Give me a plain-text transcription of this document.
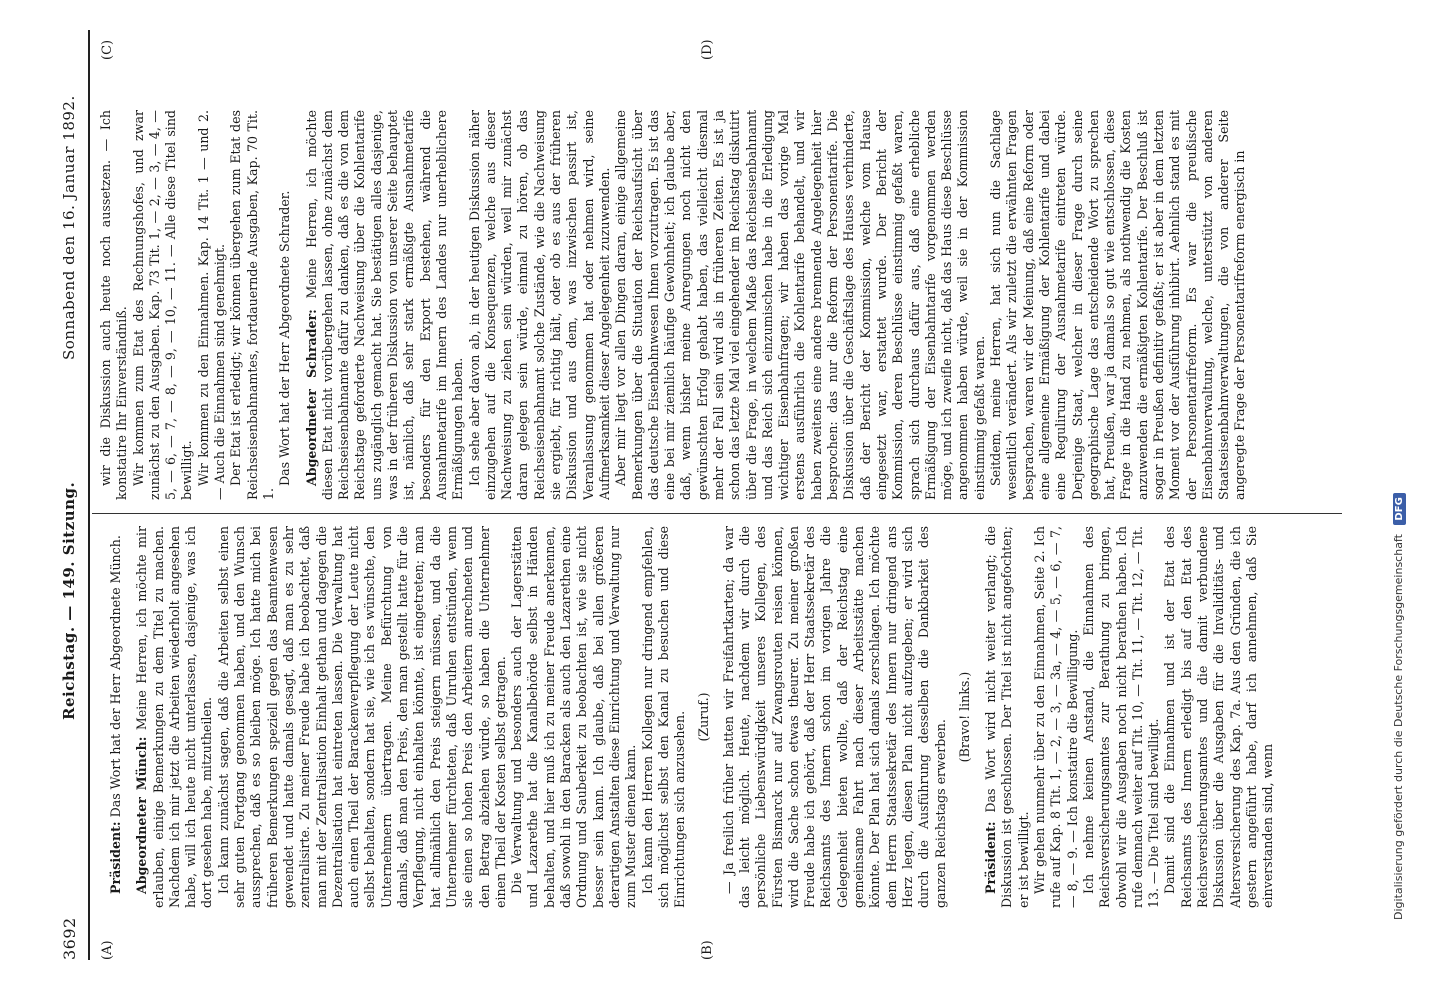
3692
Reichstag. — 149. Sitzung.
Sonnabend den 16. Januar 1892.
(A)	(B)
(C)	(D)

Präsident: Das Wort hat der Herr Abgeordnete Münch. Abgeordneter Münch: Meine Herren, ich möchte mir erlauben, einige Bemerkungen zu dem Titel zu machen. Nachdem ich mir jetzt die Arbeiten wiederholt angesehen habe, will ich heute nicht unterlassen, dasjenige, was ich dort gesehen habe, mitzutheilen. Ich kann zunächst sagen, daß die Arbeiten selbst einen sehr guten Fortgang genommen haben, und den Wunsch aussprechen, daß es so bleiben möge. Ich hatte mich bei früheren Bemerkungen speziell gegen das Beamtenwesen gewendet und hatte damals gesagt, daß man es zu sehr zentralisirte. Zu meiner Freude habe ich beobachtet, daß man mit der Zentralisation Einhalt gethan und dagegen die Dezentralisation hat eintreten lassen. Die Verwaltung hat auch einen Theil der Barackenverpflegung der Leute nicht selbst behalten, sondern hat sie, wie ich es wünschte, den Unternehmern übertragen. Meine Befürchtung von damals, daß man den Preis, den man gestellt hatte für die Verpflegung, nicht einhalten könnte, ist eingetreten; man hat allmählich den Preis steigern müssen, und da die Unternehmer fürchteten, daß Unruhen entstünden, wenn sie einen so hohen Preis den Arbeitern anrechneten und den Betrag abziehen würde, so haben die Unternehmer einen Theil der Kosten selbst getragen. Die Verwaltung und besonders auch der Lagerstätten und Lazarethe hat die Kanalbehörde selbst in Händen behalten, und hier muß ich zu meiner Freude anerkennen, daß sowohl in den Baracken als auch den Lazarethen eine Ordnung und Sauberkeit zu beobachten ist, wie sie nicht besser sein kann. Ich glaube, daß bei allen größeren derartigen Anstalten diese Einrichtung und Verwaltung nur zum Muster dienen kann. Ich kann den Herren Kollegen nur dringend empfehlen, sich möglichst selbst den Kanal zu besuchen und diese Einrichtungen sich anzusehen. (Zuruf.) — Ja freilich früher hatten wir Freifahrtkarten; da war das leicht möglich. Heute, nachdem wir durch die persönliche Liebenswürdigkeit unseres Kollegen, des Fürsten Bismarck nur auf Zwangsrouten reisen können, wird die Sache schon etwas theurer. Zu meiner großen Freude habe ich gehört, daß der Herr Staatssekretär des Reichsamts des Innern schon im vorigen Jahre die Gelegenheit bieten wollte, daß der Reichstag eine gemeinsame Fahrt nach dieser Arbeitsstätte machen könnte. Der Plan hat sich damals zerschlagen. Ich möchte dem Herrn Staatssekretär des Innern nur dringend ans Herz legen, diesen Plan nicht aufzugeben; er wird sich durch die Ausführung desselben die Dankbarkeit des ganzen Reichstags erwerben.

(Bravo! links.)

Präsident: Das Wort wird nicht weiter verlangt; die Diskussion ist geschlossen. Der Titel ist nicht angefochten; er ist bewilligt. Wir gehen nunmehr über zu den Einnahmen, Seite 2. Ich rufe auf Kap. 8 Tit. 1, — 2, — 3, — 3a, — 4, — 5, — 6, — 7, — 8, — 9. — Ich konstatire die Bewilligung. Ich nehme keinen Anstand, die Einnahmen des Reichsversicherungsamtes zur Berathung zu bringen, obwohl wir die Ausgaben noch nicht berathen haben. Ich rufe demnach weiter auf Tit. 10, — Tit. 11, — Tit. 12, — Tit. 13. — Die Titel sind bewilligt. Damit sind die Einnahmen und ist der Etat des Reichsamts des Innern erledigt bis auf den Etat des Reichsversicherungsamtes und die damit verbundene Diskussion über die Ausgaben für die Invaliditäts- und Altersversicherung des Kap. 7a. Aus den Gründen, die ich gestern angeführt habe, darf ich annehmen, daß Sie einverstanden sind, wenn

wir die Diskussion auch heute noch aussetzen. — Ich konstatire Ihr Einverständniß. Wir kommen zum Etat des Rechnungshofes, und zwar zunächst zu den Ausgaben. Kap. 73 Tit. 1, — 2, — 3, — 4, — 5, — 6, — 7, — 8, — 9, — 10, — 11. — Alle diese Titel sind bewilligt. Wir kommen zu den Einnahmen. Kap. 14 Tit. 1 — und 2. — Auch die Einnahmen sind genehmigt. Der Etat ist erledigt; wir können übergehen zum Etat des Reichseisenbahnamtes, fortdauernde Ausgaben, Kap. 70 Tit. 1.

Das Wort hat der Herr Abgeordnete Schrader. Abgeordneter Schrader: Meine Herren, ich möchte diesen Etat nicht vorübergehen lassen, ohne zunächst dem Reichseisenbahnamte dafür zu danken, daß es die von dem Reichstage geforderte Nachweisung über die Kohlentarife uns zugänglich gemacht hat. Sie bestätigen alles dasjenige, was in der früheren Diskussion von unserer Seite behauptet ist, nämlich, daß sehr stark ermäßigte Ausnahmetarife besonders für den Export bestehen, während die Ausnahmetarife im Innern des Landes nur unerheblichere Ermäßigungen haben. Ich sehe aber davon ab, in der heutigen Diskussion näher einzugehen auf die Konsequenzen, welche aus dieser Nachweisung zu ziehen sein würden, weil mir zunächst daran gelegen sein würde, einmal zu hören, ob das Reichseisenbahnamt solche Zustände, wie die Nachweisung sie ergiebt, für richtig hält, oder ob es aus der früheren Diskussion und aus dem, was inzwischen passirt ist, Veranlassung genommen hat oder nehmen wird, seine Aufmerksamkeit dieser Angelegenheit zuzuwenden. Aber mir liegt vor allen Dingen daran, einige allgemeine Bemerkungen über die Situation der Reichsaufsicht über das deutsche Eisenbahnwesen Ihnen vorzutragen. Es ist das eine bei mir ziemlich häufige Gewohnheit; ich glaube aber, daß, wenn bisher meine Anregungen noch nicht den gewünschten Erfolg gehabt haben, das vielleicht diesmal mehr der Fall sein wird als in früheren Zeiten. Es ist ja schon das letzte Mal viel eingehender im Reichstag diskutirt über die Frage, in welchem Maße das Reichseisenbahnamt und das Reich sich einzumischen habe in die Erledigung wichtiger Eisenbahnfragen; wir haben das vorige Mal erstens ausführlich die Kohlentarife behandelt, und wir haben zweitens eine andere brennende Angelegenheit hier besprochen: das nur die Reform der Personentarife. Die Diskussion über die Geschäftslage des Hauses verhinderte, daß der Bericht der Kommission, welche vom Hause eingesetzt war, erstattet wurde. Der Bericht der Kommission, deren Beschlüsse einstimmig gefaßt waren, sprach sich durchaus dafür aus, daß eine erhebliche Ermäßigung der Eisenbahntarife vorgenommen werden möge, und ich zweifle nicht, daß das Haus diese Beschlüsse angenommen haben würde, weil sie in der Kommission einstimmig gefaßt waren. Seitdem, meine Herren, hat sich nun die Sachlage wesentlich verändert. Als wir zuletzt die erwähnten Fragen besprachen, waren wir der Meinung, daß eine Reform oder eine allgemeine Ermäßigung der Kohlentarife und dabei eine Regulirung der Ausnahmetarife eintreten würde. Derjenige Staat, welcher in dieser Frage durch seine geographische Lage das entscheidende Wort zu sprechen hat, Preußen, war ja damals so gut wie entschlossen, diese Frage in die Hand zu nehmen, als nothwendig die Kosten anzuwenden die ermäßigten Kohlentarife. Der Beschluß ist sogar in Preußen definitiv gefaßt; er ist aber in dem letzten Moment vor der Ausführung inhibirt. Aehnlich stand es mit der Personentarifreform. Es war die preußische Eisenbahnverwaltung, welche, unterstützt von anderen Staatseisenbahnverwaltungen, die von anderer Seite angeregte Frage der Personentarifreform energisch in

Digitalisierung gefördert durch die Deutsche Forschungsgemeinschaft DFG
